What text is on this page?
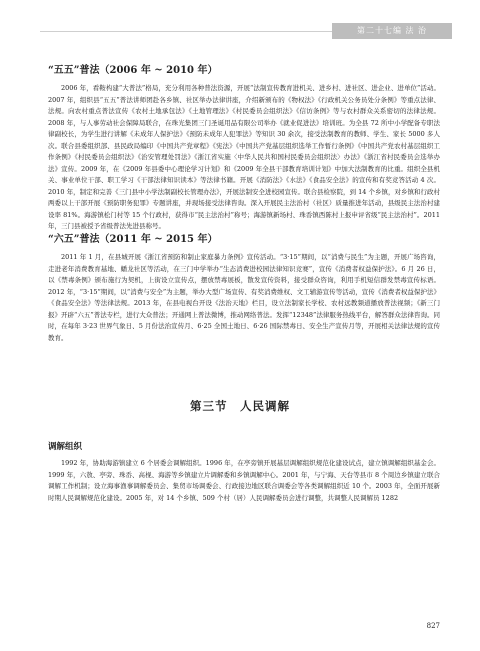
第二十七编 法 治
“五五”普法（2006 年 ~ 2010 年）

2006 年，看鞍构建“大普法”格局，充分利用各种普法资源，开展“法制宣传教育进机关、进乡村、进社区、进企业、进单位”活动。2007 年，组织县“五五”普法讲师团赴各乡镇、社区举办法律讲座，介绍新颁布的《物权法》《行政机关公务员处分条例》等重点法律、法规。向农村重点普法宣传《农村土地承包法》《土地管理法》《村民委员会组织法》《信访条例》等与农村群众关系密切的法律法规。2008 年，与人事劳动社会保障局联合，在珠光集团三门圣诞用品有限公司举办《就业促进法》培训班。为全县 72 所中小学配备专职法律副校长，为学生进行讲解《未成年人保护法》《预防未成年人犯罪法》等知识 30 余次，接受法制教育的教师、学生、家长 5000 多人次。联合县委组织部、县民政局编印《中国共产党章程》《宪法》《中国共产党基层组织选举工作暂行条例》《中国共产党农村基层组织工作条例》《村民委员会组织法》《治安管理处罚法》《浙江省实施〈中华人民共和国村民委员会组织法〉办法》《浙江省村民委员会选举办法》宣传。2009 年，在《2009 年县委中心理论学习计划》和《2009 年全县干部教育培训计划》中加大法制教育的比重。组织全县机关、事业单位干部、职工学习《干部法律知识读本》等法律书籍。开展《消防法》《水法》《食品安全法》的宣传和有奖竞答活动 4 次。2010 年，制定和完善《三门县中小学法制副校长管理办法》，开展法制安全进校园宣传。联合县检察院，到 14 个乡镇，对乡镇和行政村两委以上干部开展《预防职务犯罪》专题讲座，并现场接受法律咨询。深入开展民主法治村（社区）质量推进年活动，县级民主法治村建设率 81%。海游镇松门村等 15 个行政村，获得市“民主法治村”称号；海游镇新场村、珠岙镇西陈村上报申评省级“民主法治村”。2011 年，三门县被授予省级普法先进县称号。

“六五”普法（2011 年 ~ 2015 年）

2011 年 1 月，在县城开展《浙江省预防和制止家庭暴力条例》宣传活动。“3·15”期间，以“消费与民生”为主题，开展广场咨询，走进老年消费教育基地、蟠龙社区等活动，在三门中学举办“生态消费进校园法律知识竞赛”，宣传《消费者权益保护法》。6 月 26 日，以《禁毒条例》颁布施行为契机，上街设立宣传点，摆放禁毒展板，散发宣传资料，接受群众咨询，利用手机短信群发禁毒宣传标语。2012 年，“3·15”期间，以“消费与安全”为主题，举办大型广场宣传、有奖消费维权、文工辅游宣传等活动，宣传《消费者权益保护法》《食品安全法》等法律法规。2013 年，在县电视台开设《法治天地》栏目，设立法制家长学校、农村远教频道播放普法视频；《新三门报》开辟“六五”普法专栏，进行大众普法；开通网上普法微博，推动网络普法。发挥“12348”法律服务热线平台，解答群众法律咨询。同时，在每年 3·23 世界气象日、5 月份法治宣传月、6·25 全国土地日、6·26 国际禁毒日、安全生产宣传月等，开展相关法律法规的宣传教育。

第三节　人民调解
调解组织

1992 年，协助海游镇建立 6 个居委会调解组织。1996 年，在亭旁镇开展基层调解组织规范化建设试点，建立镇调解组织基金会。1999 年，六敖、亭旁、珠岙、高枧、海游等乡镇建立片调解委和乡镇调解中心。2001 年，与宁海、天台等县市 8 个周边乡镇建立联合调解工作机制；设立海事渔事调解委员会、集贸市场调委会、行政接边地区联合调委会等各类调解组织近 10 个。2003 年，全面开展新时期人民调解规范化建设。2005 年，对 14 个乡镇、509 个村（居）人民调解委员会进行调整，共调整人民调解员 1282

827
